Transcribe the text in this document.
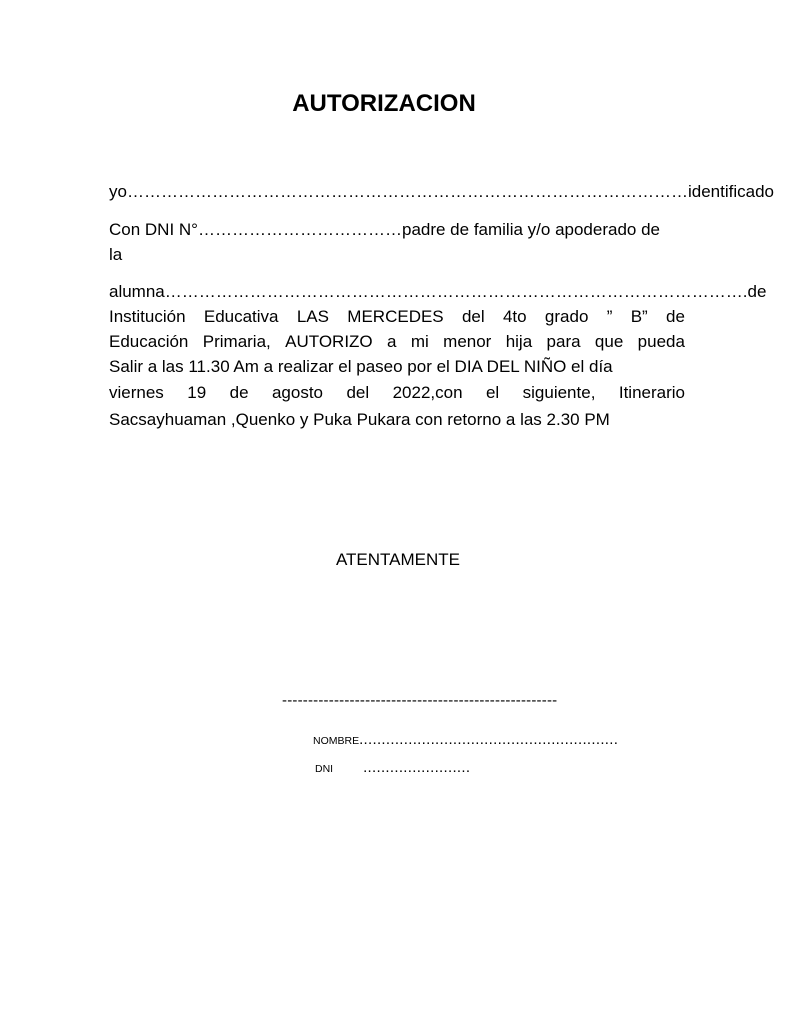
AUTORIZACION
yo……………………………………………………………………………………… identificado
Con DNI N°………………………………padre de familia y/o apoderado de
la
alumna………………………………………………………………………………………… .de
Institución Educativa LAS MERCEDES del 4to grado ” B” de
Educación Primaria, AUTORIZO a mi menor hija para que pueda
Salir a las 11.30 Am a realizar el paseo por el DIA DEL NIÑO el día
viernes 19 de agosto del 2022,con el siguiente, Itinerario
Sacsayhuaman ,Quenko y Puka Pukara con retorno a las 2.30 PM
ATENTAMENTE
-----------------------------------------------------
NOMBRE..........................................................
DNI ........................
